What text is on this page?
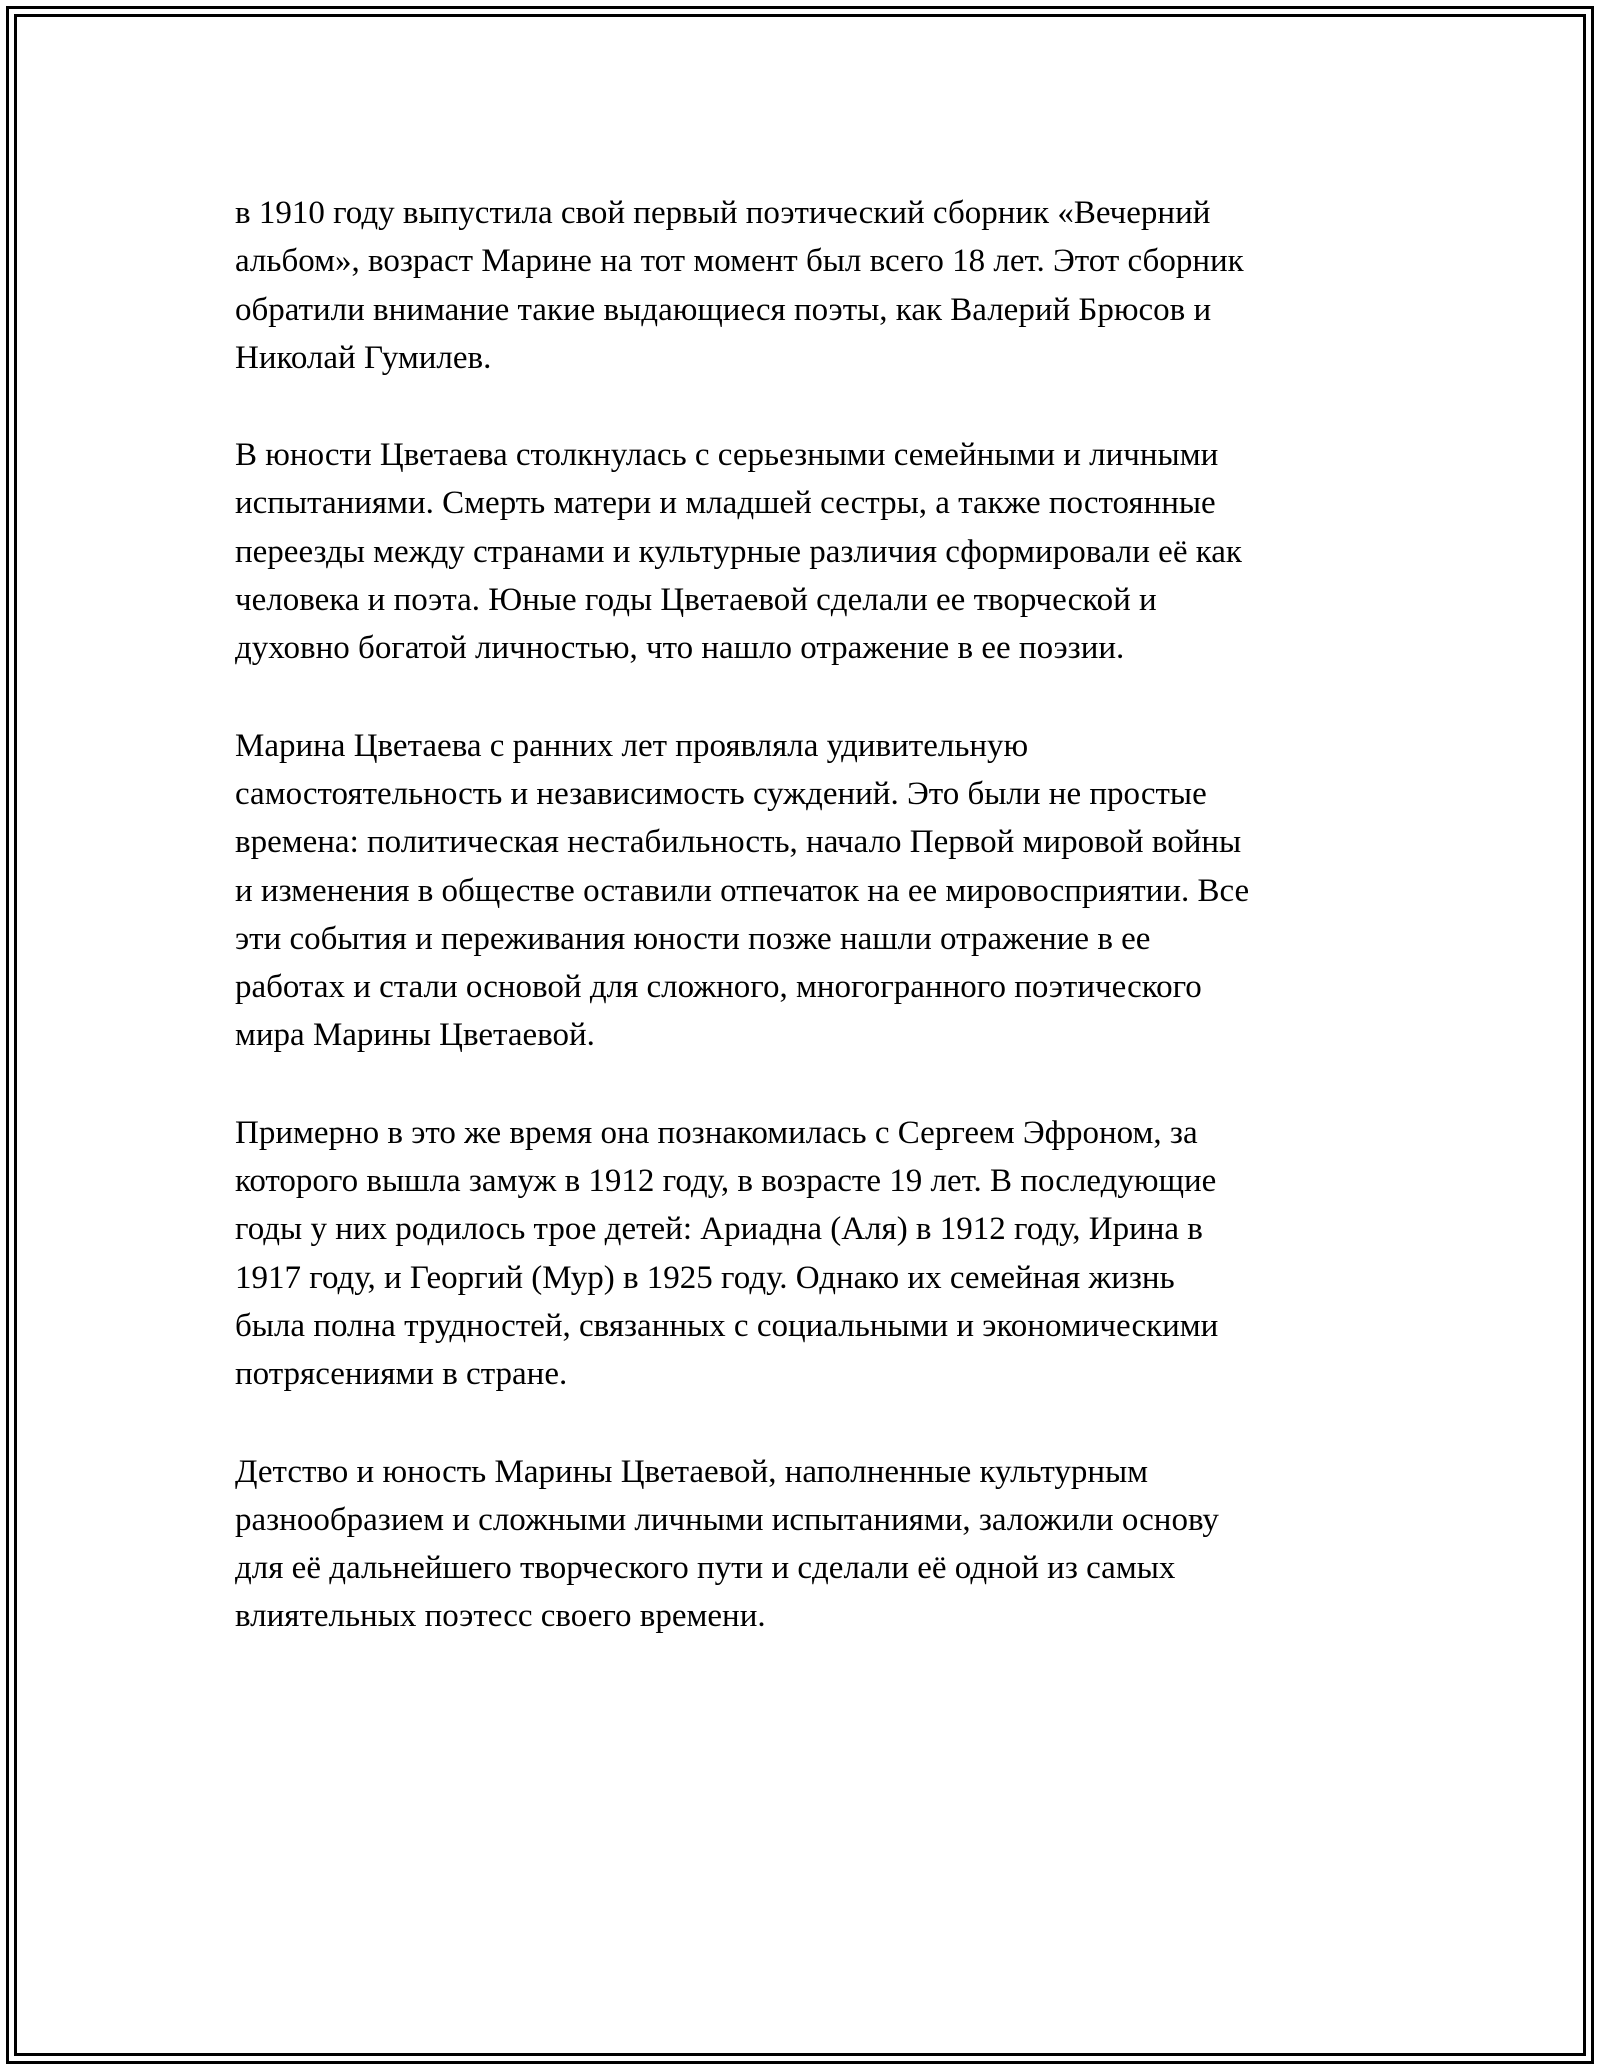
в 1910 году выпустила свой первый поэтический сборник «Вечерний
альбом», возраст Марине на тот момент был всего 18 лет. Этот сборник
обратили внимание такие выдающиеся поэты, как Валерий Брюсов и
Николай Гумилев.

В юности Цветаева столкнулась с серьезными семейными и личными
испытаниями. Смерть матери и младшей сестры, а также постоянные
переезды между странами и культурные различия сформировали её как
человека и поэта. Юные годы Цветаевой сделали ее творческой и
духовно богатой личностью, что нашло отражение в ее поэзии.

Марина Цветаева с ранних лет проявляла удивительную
самостоятельность и независимость суждений. Это были не простые
времена: политическая нестабильность, начало Первой мировой войны
и изменения в обществе оставили отпечаток на ее мировосприятии. Все
эти события и переживания юности позже нашли отражение в ее
работах и стали основой для сложного, многогранного поэтического
мира Марины Цветаевой.

Примерно в это же время она познакомилась с Сергеем Эфроном, за
которого вышла замуж в 1912 году, в возрасте 19 лет. В последующие
годы у них родилось трое детей: Ариадна (Аля) в 1912 году, Ирина в
1917 году, и Георгий (Мур) в 1925 году. Однако их семейная жизнь
была полна трудностей, связанных с социальными и экономическими
потрясениями в стране.

Детство и юность Марины Цветаевой, наполненные культурным
разнообразием и сложными личными испытаниями, заложили основу
для её дальнейшего творческого пути и сделали её одной из самых
влиятельных поэтесс своего времени.
